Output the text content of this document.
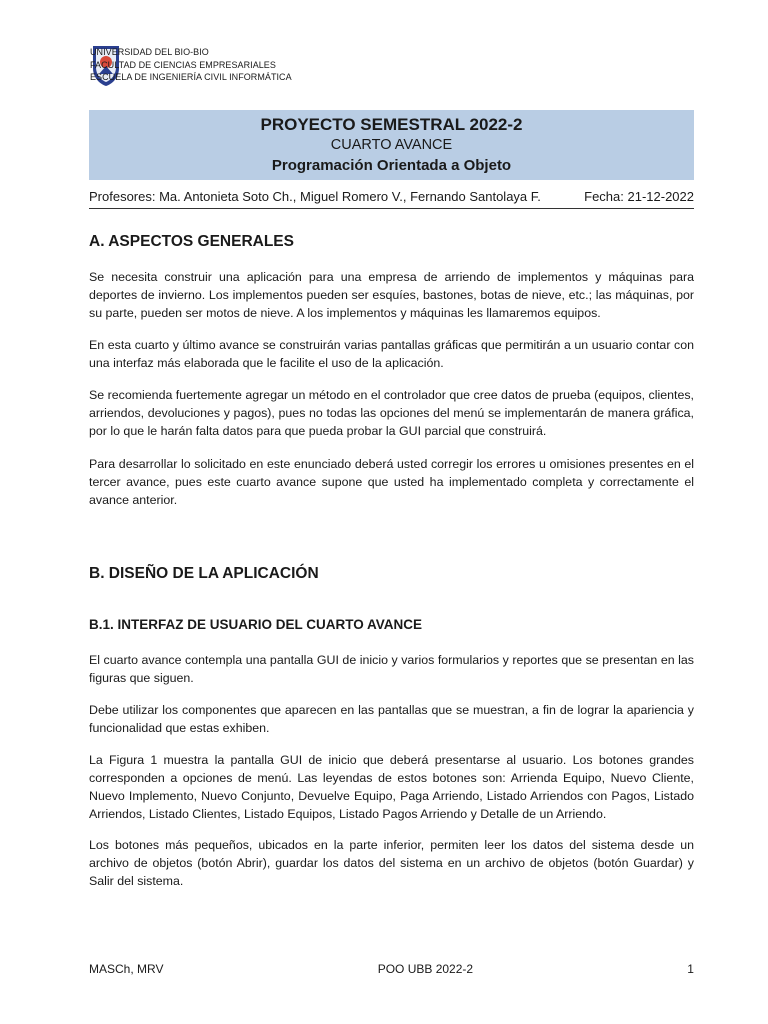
UNIVERSIDAD DEL BIO-BIO
FACULTAD DE CIENCIAS EMPRESARIALES
ESCUELA DE INGENIERÍA CIVIL INFORMÁTICA
PROYECTO SEMESTRAL 2022-2
CUARTO AVANCE
Programación Orientada a Objeto
Profesores: Ma. Antonieta Soto Ch., Miguel Romero V., Fernando Santolaya F.	Fecha: 21-12-2022
A. ASPECTOS GENERALES

Se necesita construir una aplicación para una empresa de arriendo de implementos y máquinas para deportes de invierno. Los implementos pueden ser esquíes, bastones, botas de nieve, etc.; las máquinas, por su parte, pueden ser motos de nieve. A los implementos y máquinas les llamaremos equipos.

En esta cuarto y último avance se construirán varias pantallas gráficas que permitirán a un usuario contar con una interfaz más elaborada que le facilite el uso de la aplicación.

Se recomienda fuertemente agregar un método en el controlador que cree datos de prueba (equipos, clientes, arriendos, devoluciones y pagos), pues no todas las opciones del menú se implementarán de manera gráfica, por lo que le harán falta datos para que pueda probar la GUI parcial que construirá.

Para desarrollar lo solicitado en este enunciado deberá usted corregir los errores u omisiones presentes en el tercer avance, pues este cuarto avance supone que usted ha implementado completa y correctamente el avance anterior.

B. DISEÑO DE LA APLICACIÓN
B.1. INTERFAZ DE USUARIO DEL CUARTO AVANCE

El cuarto avance contempla una pantalla GUI de inicio y varios formularios y reportes que se presentan en las figuras que siguen.

Debe utilizar los componentes que aparecen en las pantallas que se muestran, a fin de lograr la apariencia y funcionalidad que estas exhiben.

La Figura 1 muestra la pantalla GUI de inicio que deberá presentarse al usuario. Los botones grandes corresponden a opciones de menú. Las leyendas de estos botones son: Arrienda Equipo, Nuevo Cliente, Nuevo Implemento, Nuevo Conjunto, Devuelve Equipo, Paga Arriendo, Listado Arriendos con Pagos, Listado Arriendos, Listado Clientes, Listado Equipos, Listado Pagos Arriendo y Detalle de un Arriendo.

Los botones más pequeños, ubicados en la parte inferior, permiten leer los datos del sistema desde un archivo de objetos (botón Abrir), guardar los datos del sistema en un archivo de objetos (botón Guardar) y Salir del sistema.

MASCh, MRV	POO UBB 2022-2	1
